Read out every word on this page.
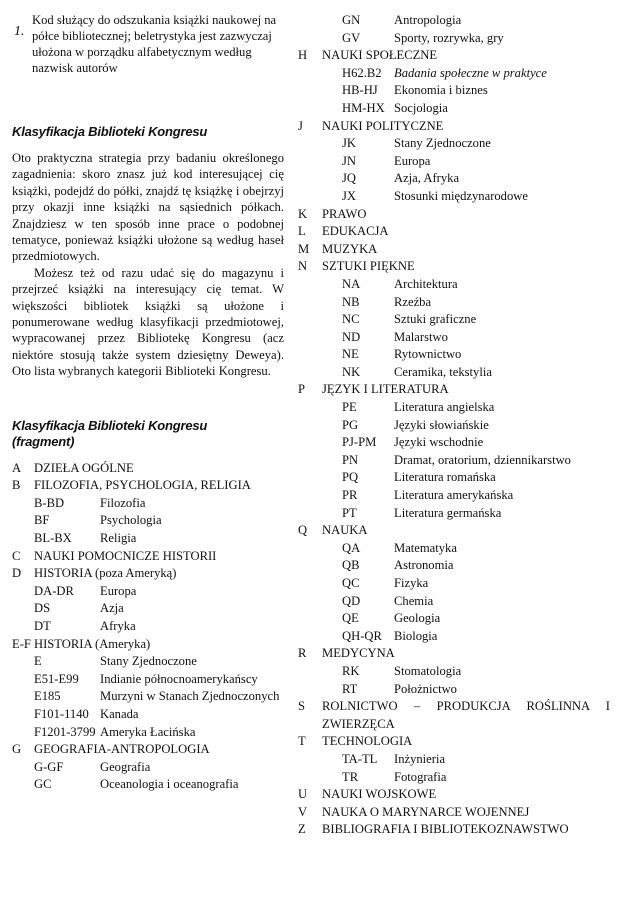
1.

Kod służący do odszukania książki naukowej na półce bibliotecznej; beletrystyka jest zazwyczaj ułożona w porządku alfabetycznym według nazwisk autorów

Klasyfikacja Biblioteki Kongresu

Oto praktyczna strategia przy badaniu określonego zagadnienia: skoro znasz już kod interesującej cię książki, podejdź do półki, znajdź tę książkę i obejrzyj przy okazji inne książki na sąsiednich półkach. Znajdziesz w ten sposób inne prace o podobnej tematyce, ponieważ książki ułożone są według haseł przedmiotowych.

Możesz też od razu udać się do magazynu i przejrzeć książki na interesujący cię temat. W większości bibliotek książki są ułożone i ponumerowane według klasyfikacji przedmiotowej, wypracowanej przez Bibliotekę Kongresu (acz niektóre stosują także system dziesiętny Deweya). Oto lista wybranych kategorii Biblioteki Kongresu.

Klasyfikacja Biblioteki Kongresu
(fragment)
A	DZIEŁA OGÓLNE
B	FILOZOFIA, PSYCHOLOGIA, RELIGIA
B-BD	Filozofia
BF	Psychologia
BL-BX	Religia
C	NAUKI POMOCNICZE HISTORII
D	HISTORIA (poza Ameryką)
DA-DR	Europa
DS	Azja
DT	Afryka
E-F HISTORIA (Ameryka)
E	Stany Zjednoczone
E51-E99	Indianie północnoamerykańscy
E185	Murzyni w Stanach Zjednoczonych
F101-1140 Kanada
F1201-3799 Ameryka Łacińska
G	GEOGRAFIA-ANTROPOLOGIA
G-GF	Geografia
GC	Oceanologia i oceanografia
GN	Antropologia
GV	Sporty, rozrywka, gry
H	NAUKI SPOŁECZNE
H62.B2 Badania społeczne w praktyce
HB-HJ	Ekonomia i biznes
HM-HX Socjologia
J	NAUKI POLITYCZNE
JK	Stany Zjednoczone
JN	Europa
JQ	Azja, Afryka
JX	Stosunki międzynarodowe
K	PRAWO
L	EDUKACJA
M	MUZYKA
N	SZTUKI PIĘKNE
NA	Architektura
NB	Rzeźba
NC	Sztuki graficzne
ND	Malarstwo
NE	Rytownictwo
NK	Ceramika, tekstylia
P	JĘZYK I LITERATURA
PE	Literatura angielska
PG	Języki słowiańskie
PJ-PM	Języki wschodnie
PN	Dramat, oratorium, dziennikarstwo
PQ	Literatura romańska
PR	Literatura amerykańska
PT	Literatura germańska
Q	NAUKA
QA	Matematyka
QB	Astronomia
QC	Fizyka
QD	Chemia
QE	Geologia
QH-QR Biologia
R	MEDYCYNA
RK	Stomatologia
RT	Położnictwo
S	ROLNICTWO – PRODUKCJA ROŚLINNA I ZWIERZĘCA
T	TECHNOLOGIA
TA-TL	Inżynieria
TR	Fotografia
U	NAUKI WOJSKOWE
V	NAUKA O MARYNARCE WOJENNEJ
Z	BIBLIOGRAFIA I BIBLIOTEKOZNAWSTWO
